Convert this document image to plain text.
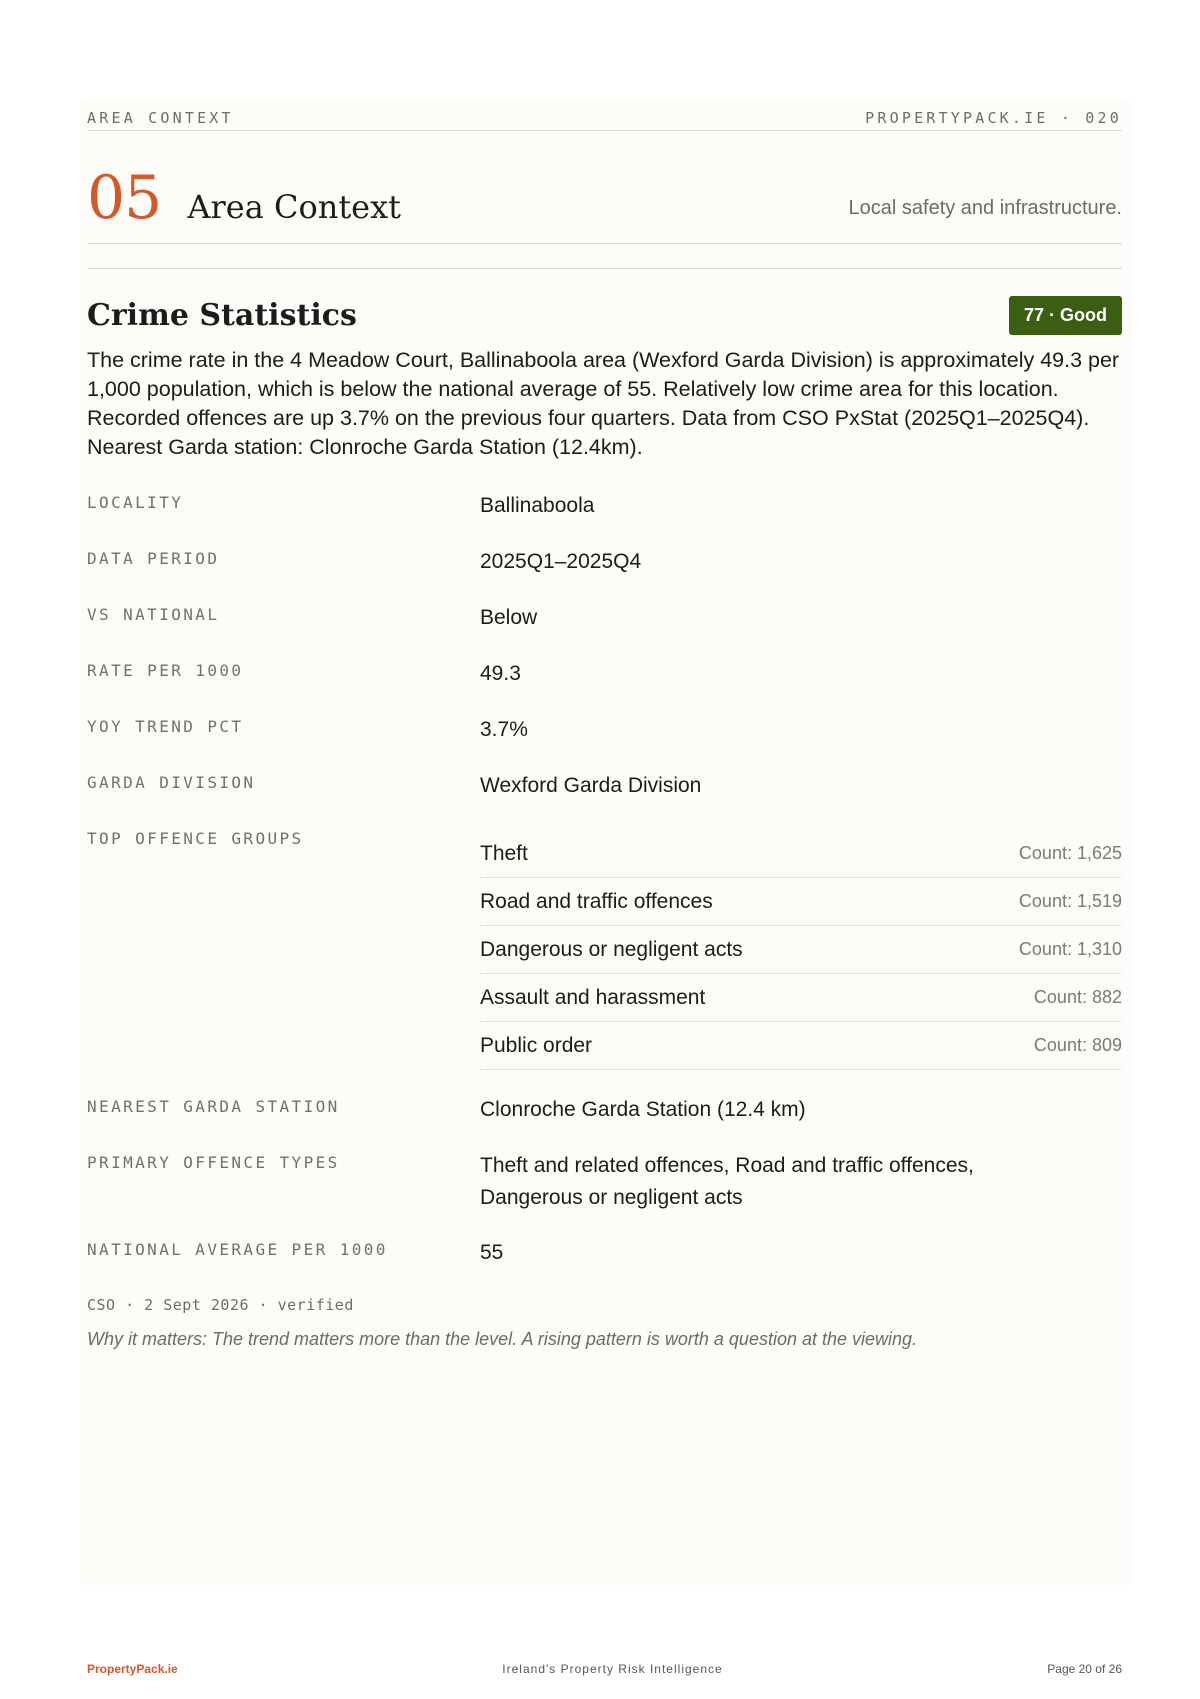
AREA CONTEXT	PROPERTYPACK.IE · 020
05 Area Context	Local safety and infrastructure.
Crime Statistics	77 · Good

The crime rate in the 4 Meadow Court, Ballinaboola area (Wexford Garda Division) is approximately 49.3 per 1,000 population, which is below the national average of 55. Relatively low crime area for this location. Recorded offences are up 3.7% on the previous four quarters. Data from CSO PxStat (2025Q1–2025Q4). Nearest Garda station: Clonroche Garda Station (12.4km).

LOCALITY	Ballinaboola
DATA PERIOD	2025Q1–2025Q4
VS NATIONAL	Below
RATE PER 1000	49.3
YOY TREND PCT	3.7%
GARDA DIVISION	Wexford Garda Division
TOP OFFENCE GROUPS
Theft	Count: 1,625
Road and traffic offences	Count: 1,519
Dangerous or negligent acts	Count: 1,310
Assault and harassment	Count: 882
Public order	Count: 809
NEAREST GARDA STATION	Clonroche Garda Station (12.4 km)
PRIMARY OFFENCE TYPES	Theft and related offences, Road and traffic offences, Dangerous or negligent acts
NATIONAL AVERAGE PER 1000	55
CSO · 2 Sept 2026 · verified
Why it matters: The trend matters more than the level. A rising pattern is worth a question at the viewing.
PropertyPack.ie	Ireland's Property Risk Intelligence	Page 20 of 26
